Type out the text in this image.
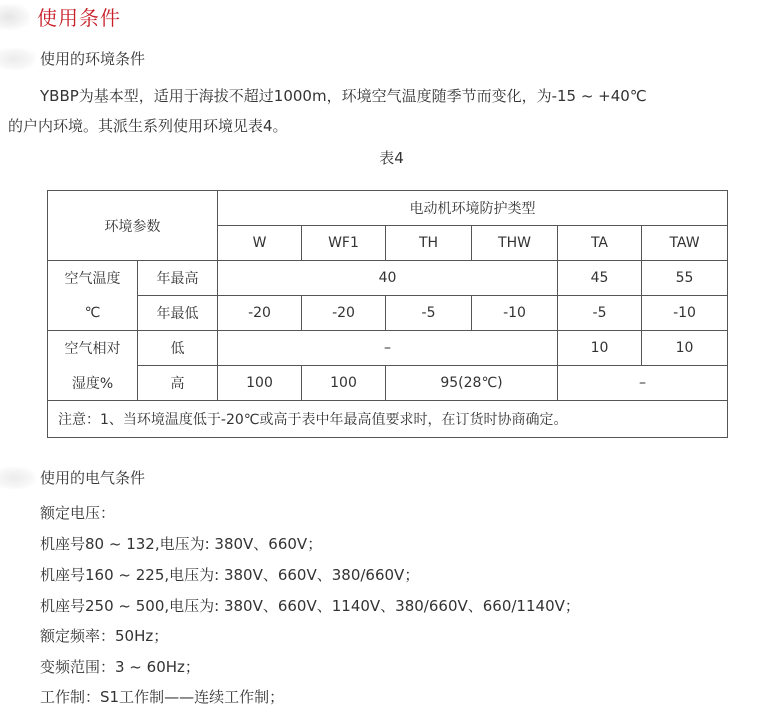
使用条件
使用的环境条件
YBBP为基本型，适用于海拔不超过1000m，环境空气温度随季节而变化，为-15 ~ +40℃
的户内环境。其派生系列使用环境见表4。
表4
环境参数		电动机环境防护类型					
		W	WF1	TH	THW	TA	TAW
空气温度	年最高	40				45	55
℃	年最低	-20	-20	-5	-10	-5	-10
空气相对	低	–				10	10
湿度%	高	100	100	95(28℃)		–	
注意：1、当环境温度低于-20℃或高于表中年最高值要求时，在订货时协商确定。							
使用的电气条件
额定电压：
机座号80 ~ 132,电压为: 380V、660V；
机座号160 ~ 225,电压为: 380V、660V、380/660V；
机座号250 ~ 500,电压为: 380V、660V、1140V、380/660V、660/1140V；
额定频率：50Hz；
变频范围：3 ~ 60Hz；
工作制：S1工作制——连续工作制；
